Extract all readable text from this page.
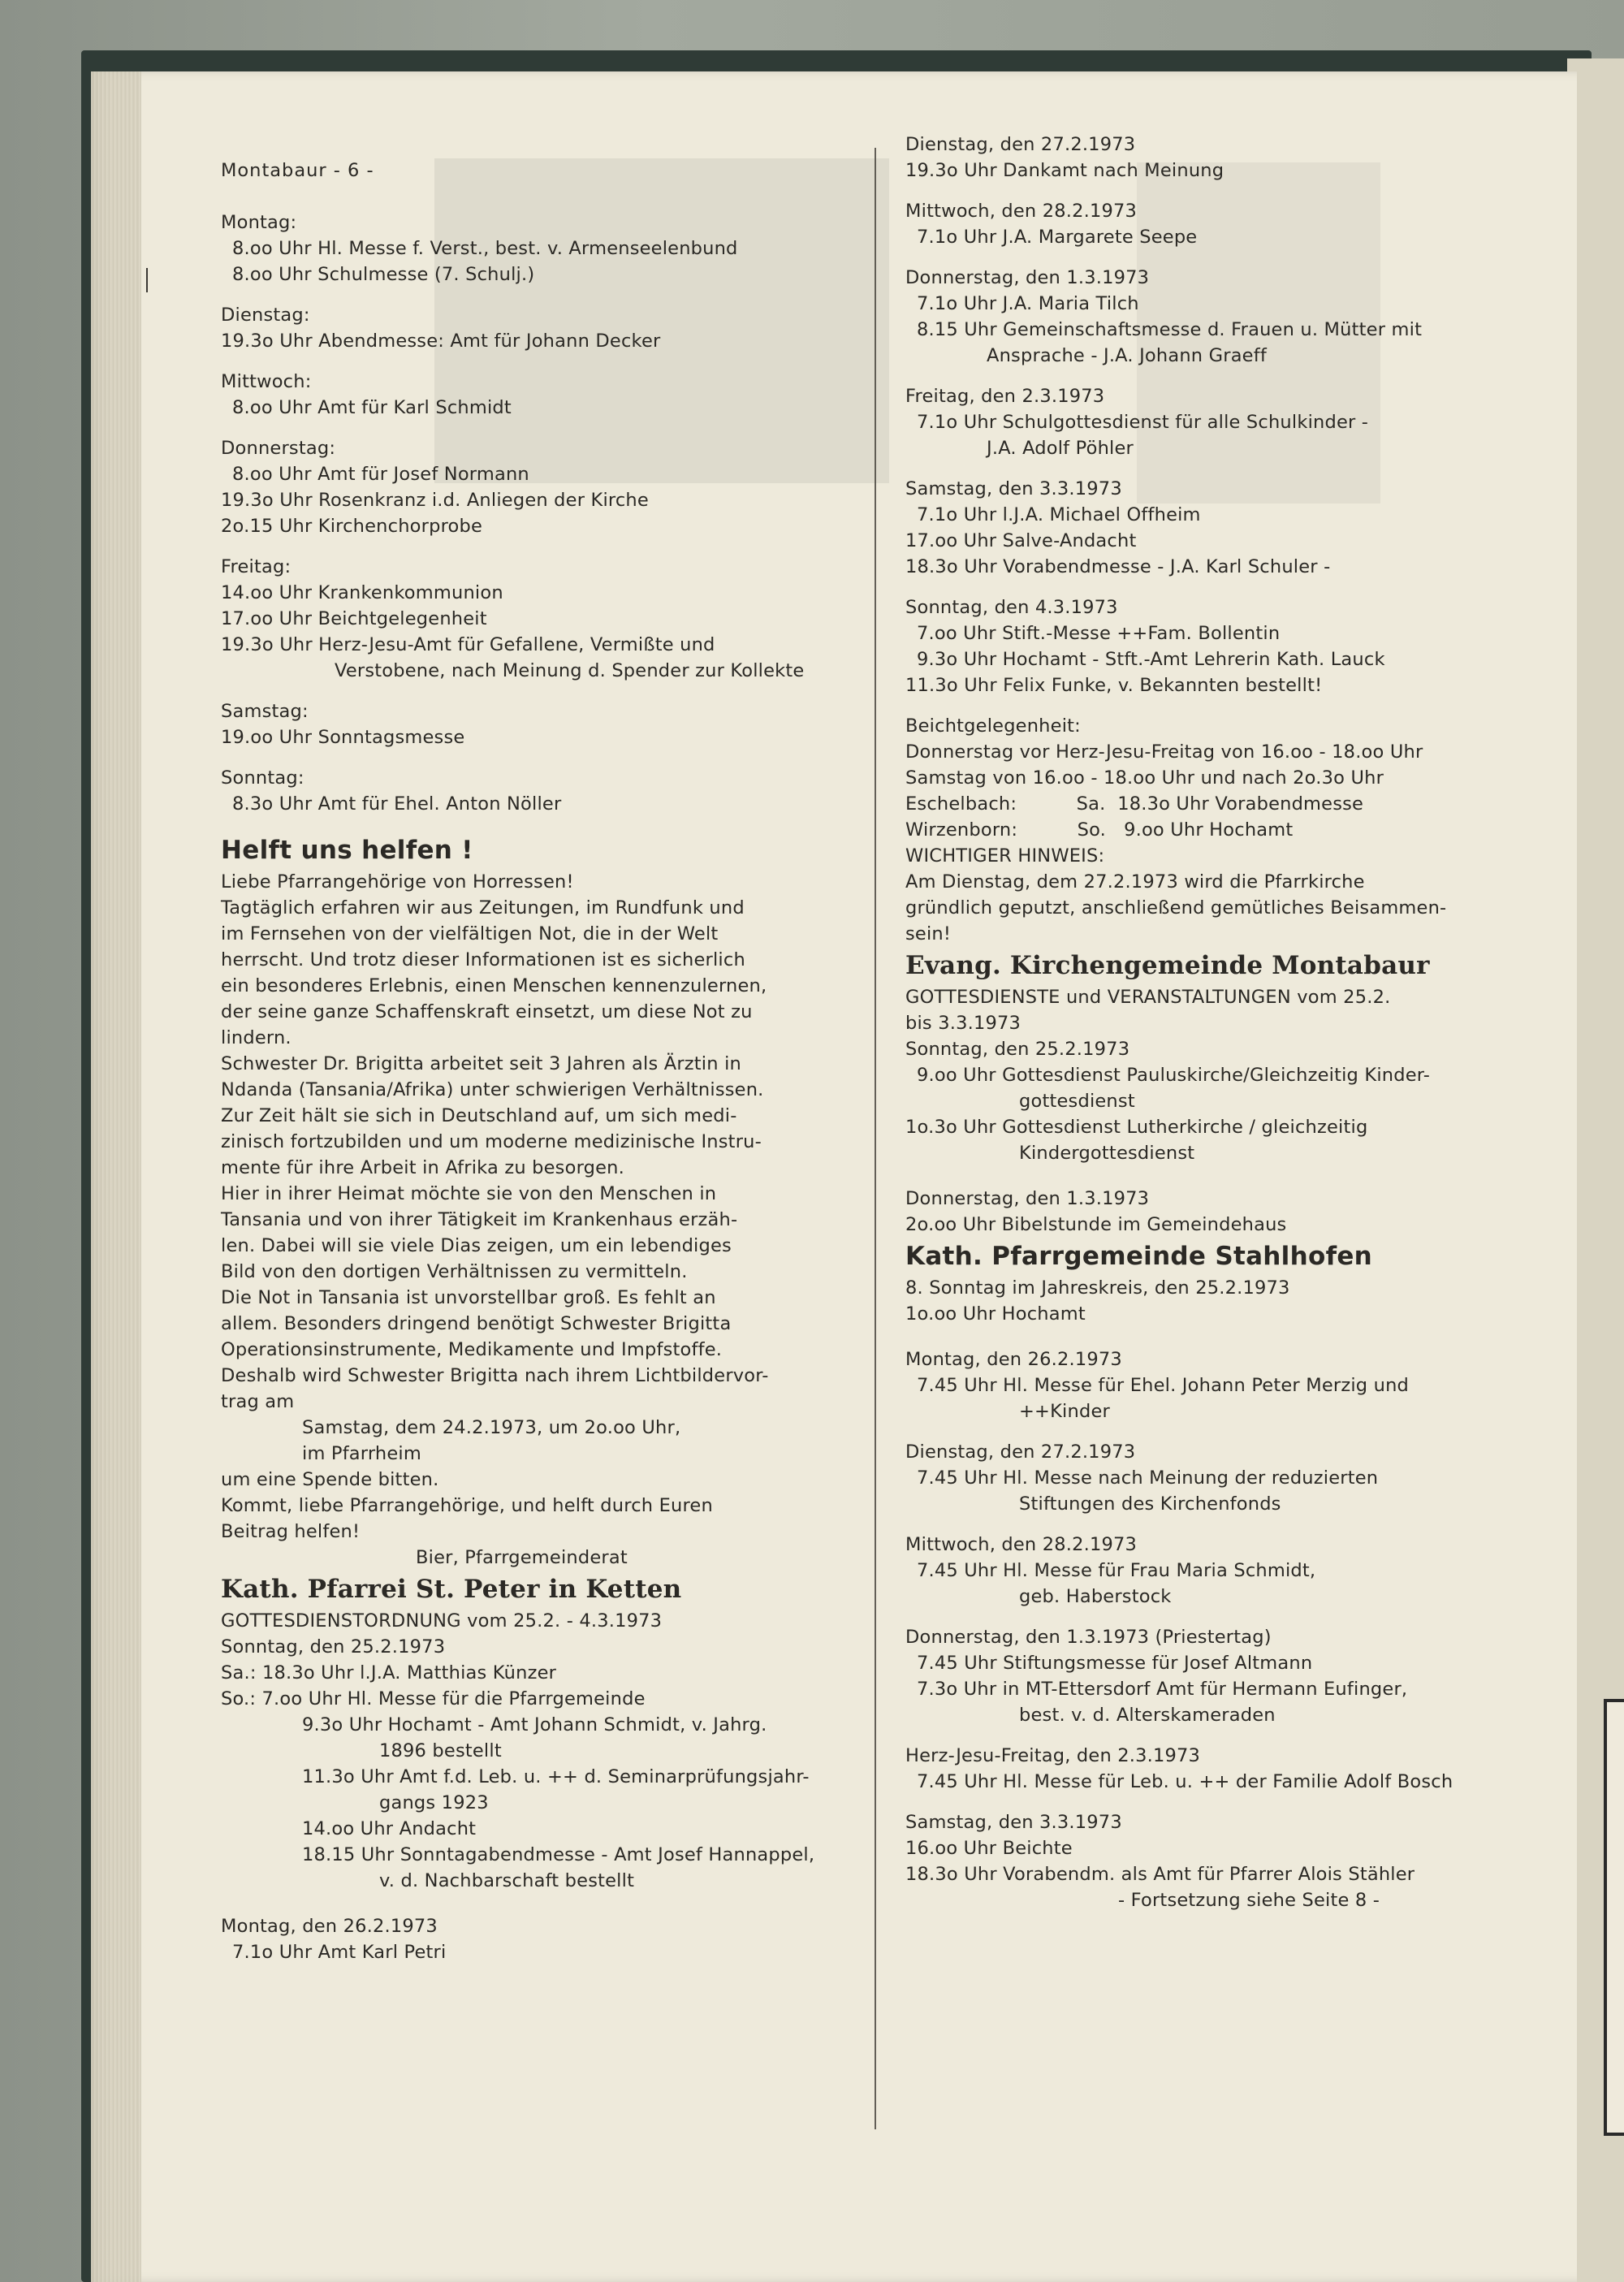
Montabaur - 6 -

Montag:
8.oo Uhr Hl. Messe f. Verst., best. v. Armenseelenbund
8.oo Uhr Schulmesse (7. Schulj.)
Dienstag:
19.3o Uhr Abendmesse: Amt für Johann Decker
Mittwoch:
8.oo Uhr Amt für Karl Schmidt
Donnerstag:
8.oo Uhr Amt für Josef Normann
19.3o Uhr Rosenkranz i.d. Anliegen der Kirche
2o.15 Uhr Kirchenchorprobe
Freitag:
14.oo Uhr Krankenkommunion
17.oo Uhr Beichtgelegenheit
19.3o Uhr Herz-Jesu-Amt für Gefallene, Vermißte und
Verstobene, nach Meinung d. Spender zur Kollekte
Samstag:
19.oo Uhr Sonntagsmesse
Sonntag:
8.3o Uhr Amt für Ehel. Anton Nöller
Helft uns helfen !
Liebe Pfarrangehörige von Horressen!
Tagtäglich erfahren wir aus Zeitungen, im Rundfunk und
im Fernsehen von der vielfältigen Not, die in der Welt
herrscht. Und trotz dieser Informationen ist es sicherlich
ein besonderes Erlebnis, einen Menschen kennenzulernen,
der seine ganze Schaffenskraft einsetzt, um diese Not zu
lindern.
Schwester Dr. Brigitta arbeitet seit 3 Jahren als Ärztin in
Ndanda (Tansania/Afrika) unter schwierigen Verhältnissen.
Zur Zeit hält sie sich in Deutschland auf, um sich medi-
zinisch fortzubilden und um moderne medizinische Instru-
mente für ihre Arbeit in Afrika zu besorgen.
Hier in ihrer Heimat möchte sie von den Menschen in
Tansania und von ihrer Tätigkeit im Krankenhaus erzäh-
len. Dabei will sie viele Dias zeigen, um ein lebendiges
Bild von den dortigen Verhältnissen zu vermitteln.
Die Not in Tansania ist unvorstellbar groß. Es fehlt an
allem. Besonders dringend benötigt Schwester Brigitta
Operationsinstrumente, Medikamente und Impfstoffe.
Deshalb wird Schwester Brigitta nach ihrem Lichtbildervor-
trag am
Samstag, dem 24.2.1973, um 2o.oo Uhr,
im Pfarrheim
um eine Spende bitten.
Kommt, liebe Pfarrangehörige, und helft durch Euren
Beitrag helfen!
Bier, Pfarrgemeinderat
Kath. Pfarrei St. Peter in Ketten
GOTTESDIENSTORDNUNG vom 25.2. - 4.3.1973
Sonntag, den 25.2.1973
Sa.: 18.3o Uhr l.J.A. Matthias Künzer
So.: 7.oo Uhr Hl. Messe für die Pfarrgemeinde
9.3o Uhr Hochamt - Amt Johann Schmidt, v. Jahrg.
1896 bestellt
11.3o Uhr Amt f.d. Leb. u. ++ d. Seminarprüfungsjahr-
gangs 1923
14.oo Uhr Andacht
18.15 Uhr Sonntagabendmesse - Amt Josef Hannappel,
v. d. Nachbarschaft bestellt
Montag, den 26.2.1973
7.1o Uhr Amt Karl Petri
Dienstag, den 27.2.1973
19.3o Uhr Dankamt nach Meinung
Mittwoch, den 28.2.1973
7.1o Uhr J.A. Margarete Seepe
Donnerstag, den 1.3.1973
7.1o Uhr J.A. Maria Tilch
8.15 Uhr Gemeinschaftsmesse d. Frauen u. Mütter mit
Ansprache - J.A. Johann Graeff
Freitag, den 2.3.1973
7.1o Uhr Schulgottesdienst für alle Schulkinder -
J.A. Adolf Pöhler
Samstag, den 3.3.1973
7.1o Uhr l.J.A. Michael Offheim
17.oo Uhr Salve-Andacht
18.3o Uhr Vorabendmesse - J.A. Karl Schuler -
Sonntag, den 4.3.1973
7.oo Uhr Stift.-Messe ++Fam. Bollentin
9.3o Uhr Hochamt - Stft.-Amt Lehrerin Kath. Lauck
11.3o Uhr Felix Funke, v. Bekannten bestellt!
Beichtgelegenheit:
Donnerstag vor Herz-Jesu-Freitag von 16.oo - 18.oo Uhr
Samstag von 16.oo - 18.oo Uhr und nach 2o.3o Uhr
Eschelbach:          Sa.  18.3o Uhr Vorabendmesse
Wirzenborn:          So.   9.oo Uhr Hochamt
WICHTIGER HINWEIS:
Am Dienstag, dem 27.2.1973 wird die Pfarrkirche
gründlich geputzt, anschließend gemütliches Beisammen-
sein!
Evang. Kirchengemeinde Montabaur
GOTTESDIENSTE und VERANSTALTUNGEN vom 25.2.
bis 3.3.1973
Sonntag, den 25.2.1973
9.oo Uhr Gottesdienst Pauluskirche/Gleichzeitig Kinder-
gottesdienst
1o.3o Uhr Gottesdienst Lutherkirche / gleichzeitig
Kindergottesdienst
Donnerstag, den 1.3.1973
2o.oo Uhr Bibelstunde im Gemeindehaus
Kath. Pfarrgemeinde Stahlhofen
8. Sonntag im Jahreskreis, den 25.2.1973
1o.oo Uhr Hochamt
Montag, den 26.2.1973
7.45 Uhr Hl. Messe für Ehel. Johann Peter Merzig und
++Kinder
Dienstag, den 27.2.1973
7.45 Uhr Hl. Messe nach Meinung der reduzierten
Stiftungen des Kirchenfonds
Mittwoch, den 28.2.1973
7.45 Uhr Hl. Messe für Frau Maria Schmidt,
geb. Haberstock
Donnerstag, den 1.3.1973 (Priestertag)
7.45 Uhr Stiftungsmesse für Josef Altmann
7.3o Uhr in MT-Ettersdorf Amt für Hermann Eufinger,
best. v. d. Alterskameraden
Herz-Jesu-Freitag, den 2.3.1973
7.45 Uhr Hl. Messe für Leb. u. ++ der Familie Adolf Bosch
Samstag, den 3.3.1973
16.oo Uhr Beichte
18.3o Uhr Vorabendm. als Amt für Pfarrer Alois Stähler
- Fortsetzung siehe Seite 8 -
